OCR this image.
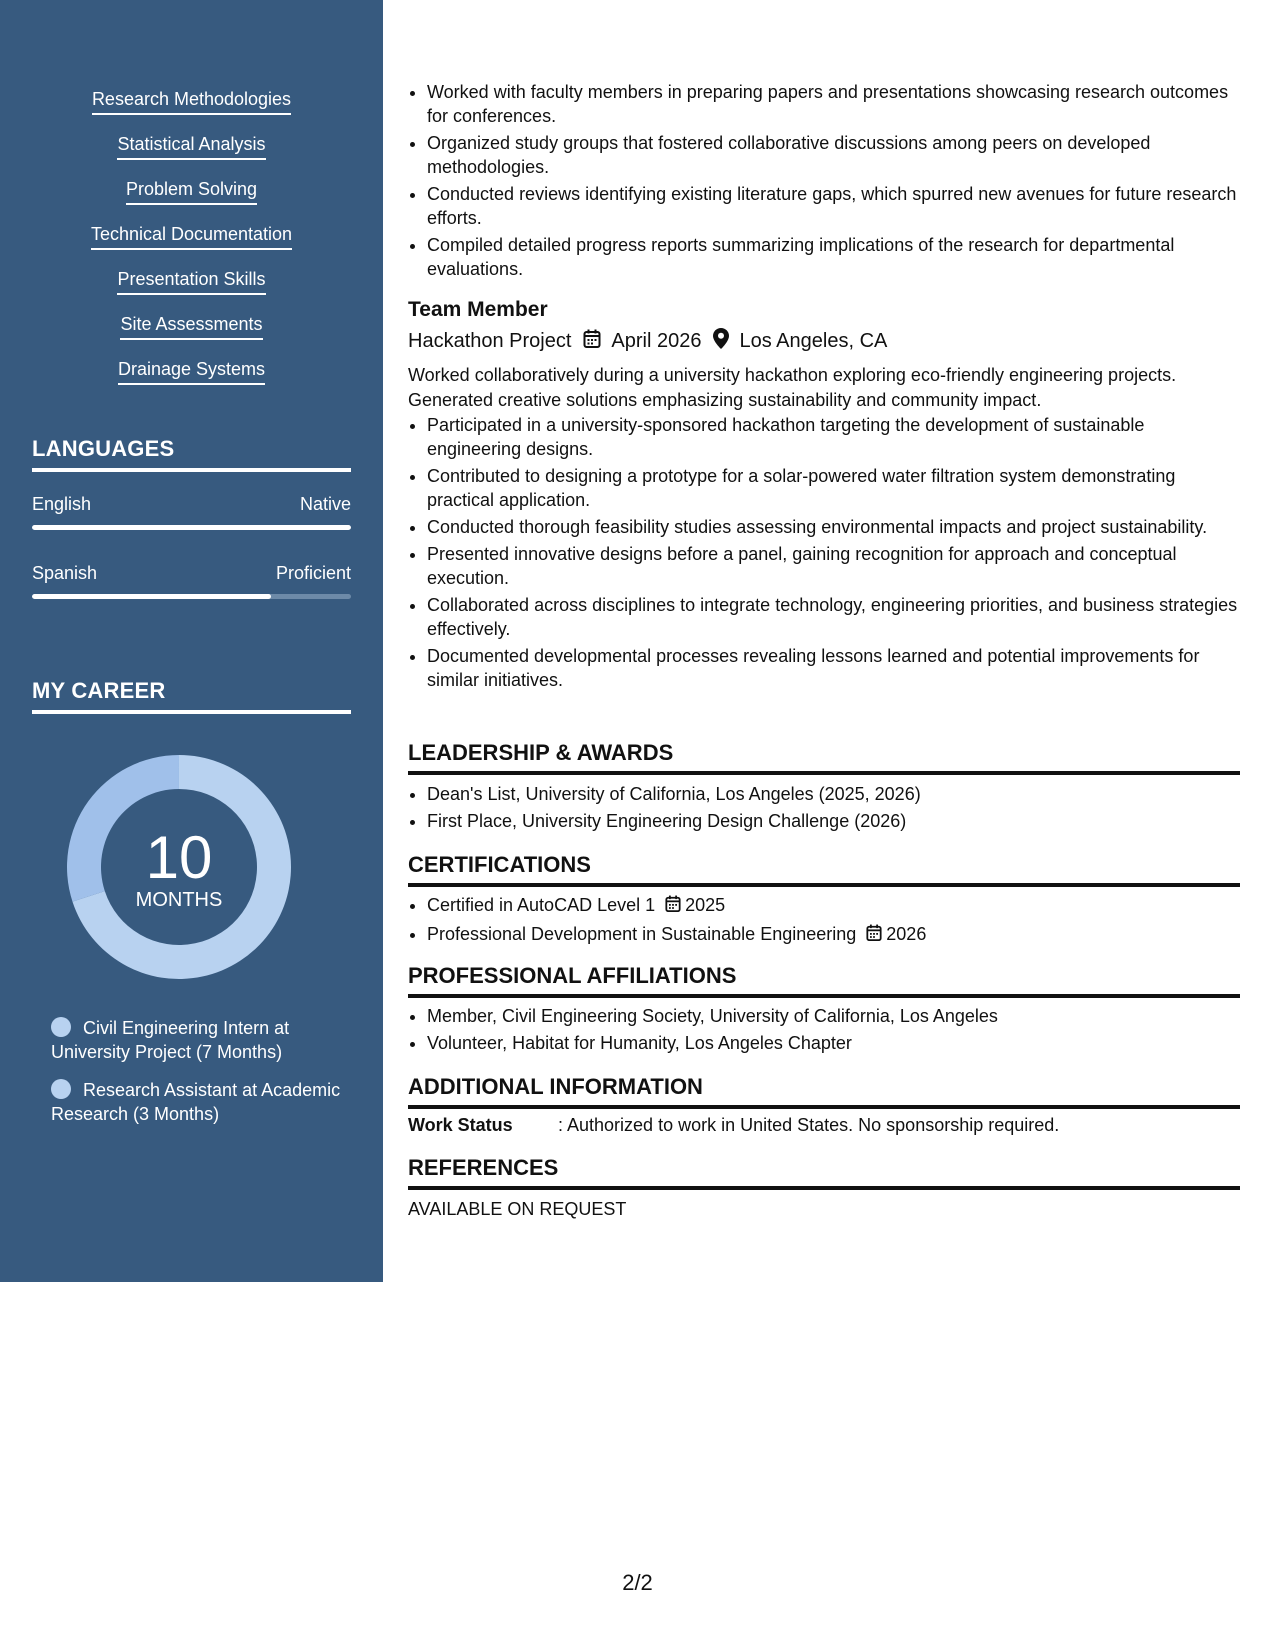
Research Methodologies
Statistical Analysis
Problem Solving
Technical Documentation
Presentation Skills
Site Assessments
Drainage Systems
LANGUAGES
English	Native
Spanish	Proficient
MY CAREER
10
MONTHS
Civil Engineering Intern at University Project (7 Months)
Research Assistant at Academic Research (3 Months)
• Worked with faculty members in preparing papers and presentations showcasing research outcomes for conferences.
• Organized study groups that fostered collaborative discussions among peers on developed methodologies.
• Conducted reviews identifying existing literature gaps, which spurred new avenues for future research efforts.
• Compiled detailed progress reports summarizing implications of the research for departmental evaluations.
Team Member
Hackathon Project April 2026 Los Angeles, CA
Worked collaboratively during a university hackathon exploring eco-friendly engineering projects. Generated creative solutions emphasizing sustainability and community impact.
• Participated in a university-sponsored hackathon targeting the development of sustainable engineering designs.
• Contributed to designing a prototype for a solar-powered water filtration system demonstrating practical application.
• Conducted thorough feasibility studies assessing environmental impacts and project sustainability.
• Presented innovative designs before a panel, gaining recognition for approach and conceptual execution.
• Collaborated across disciplines to integrate technology, engineering priorities, and business strategies effectively.
• Documented developmental processes revealing lessons learned and potential improvements for similar initiatives.
LEADERSHIP & AWARDS
• Dean's List, University of California, Los Angeles (2025, 2026)
• First Place, University Engineering Design Challenge (2026)
CERTIFICATIONS
• Certified in AutoCAD Level 1 2025
• Professional Development in Sustainable Engineering 2026
PROFESSIONAL AFFILIATIONS
• Member, Civil Engineering Society, University of California, Los Angeles
• Volunteer, Habitat for Humanity, Los Angeles Chapter
ADDITIONAL INFORMATION
Work Status	: Authorized to work in United States. No sponsorship required.
REFERENCES
AVAILABLE ON REQUEST
2/2
